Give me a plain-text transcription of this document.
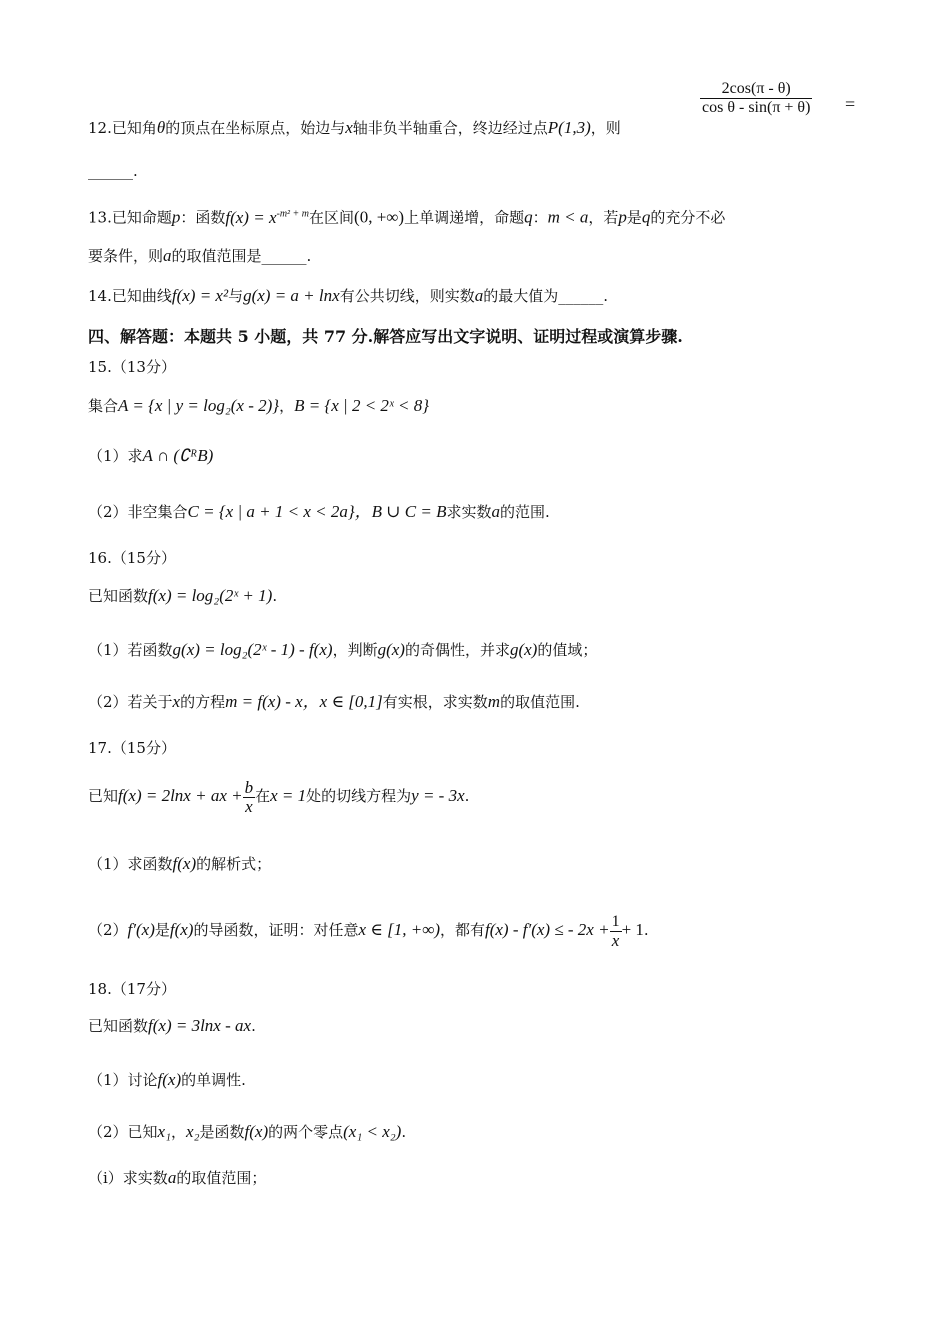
12.已知角θ的顶点在坐标原点，始边与x轴非负半轴重合，终边经过点P(1,3)，则
$\frac{2\cos(\pi - \theta)}{\text{cos θ - sin(π + θ)}}$ =
______.
13.已知命题p：函数$f(x) = x^{-m^2 + m}$在区间(0, +∞)上单调递增，命题q：m < a，若p是q的充分不必
要条件，则a的取值范围是______.
14.已知曲线f(x) = x²与g(x) = a + lnx有公共切线，则实数a的最大值为______.
四、解答题：本题共 5 小题，共 77 分.解答应写出文字说明、证明过程或演算步骤.
15.（13分）
集合A = {x | y = log₂(x - 2)}，B = {x | 2 < 2ˣ < 8}
（1）求A ∩ (∁ᴿB)
（2）非空集合C = {x | a + 1 < x < 2a}，B ∪ C = B求实数a的范围.
16.（15分）
已知函数f(x) = log₂(2ˣ + 1).
（1）若函数g(x) = log₂(2ˣ - 1) - f(x)，判断g(x)的奇偶性，并求g(x)的值域；
（2）若关于x的方程m = f(x) - x，x ∈ [0,1]有实根，求实数m的取值范围.
17.（15分）
已知f(x) = 2lnx + ax + $\frac{b}{x}$ 在x = 1处的切线方程为y = - 3x.
（1）求函数f(x)的解析式；
（2）f′(x)是f(x)的导函数，证明：对任意x ∈ [1, +∞)，都有f(x) - f′(x) ≤ - $2x + \frac{1}{x} + 1$.
18.（17分）
已知函数f(x) = 3lnx - ax.
（1）讨论f(x)的单调性.
（2）已知x₁，x₂是函数f(x)的两个零点(x₁ < x₂).
（i）求实数a的取值范围；
